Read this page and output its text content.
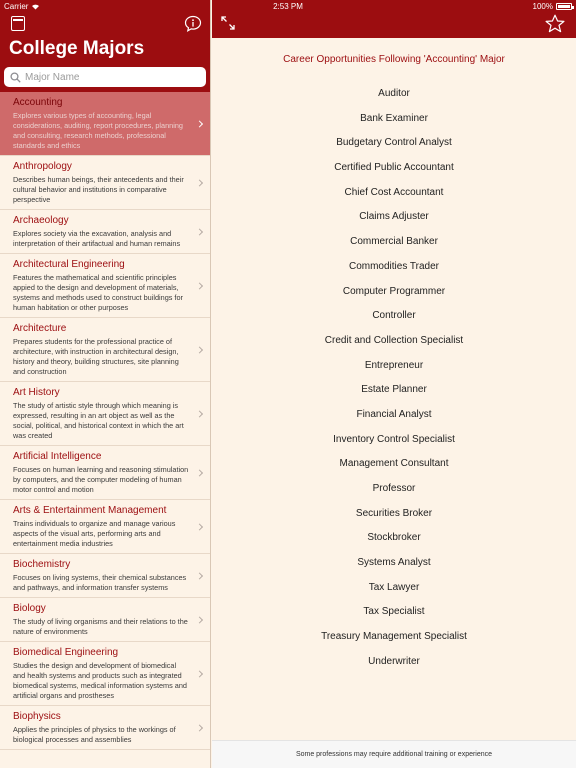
Carrier	2:53 PM	100%
College Majors
Major Name
Accounting
Explores various types of accounting, legal considerations, auditing, report procedures, planning and consulting, research methods, professional standards and ethics
Anthropology
Describes human beings, their antecedents and their cultural behavior and institutions in comparative perspective
Archaeology
Explores society via the excavation, analysis and interpretation of their artifactual and human remains
Architectural Engineering
Features the mathematical and scientific principles appied to the design and development of materials, systems and methods used to construct buildings for human habitation or other purposes
Architecture
Prepares students for the professional practice of architecture, with instruction in architectural design, history and theory, building structures, site planning and construction
Art History
The study of artistic style through which meaning is expressed, resulting in an art object as well as the social, political, and historical context in which the art was created
Artificial Intelligence
Focuses on human learning and reasoning stimulation by computers, and the computer modeling of human motor control and motion
Arts & Entertainment Management
Trains individuals to organize and manage various aspects of the visual arts, performing arts and entertainment media industries
Biochemistry
Focuses on living systems, their chemical substances and pathways, and information transfer systems
Biology
The study of living organisms and their relations to the nature of environments
Biomedical Engineering
Studies the design and development of biomedical and health systems and products such as integrated biomedical systems, medical information systems and artificial organs and prostheses
Biophysics
Applies the principles of physics to the workings of biological processes and assemblies
Career Opportunities Following 'Accounting' Major
Auditor
Bank Examiner
Budgetary Control Analyst
Certified Public Accountant
Chief Cost Accountant
Claims Adjuster
Commercial Banker
Commodities Trader
Computer Programmer
Controller
Credit and Collection Specialist
Entrepreneur
Estate Planner
Financial Analyst
Inventory Control Specialist
Management Consultant
Professor
Securities Broker
Stockbroker
Systems Analyst
Tax Lawyer
Tax Specialist
Treasury Management Specialist
Underwriter
Some professions may require additional training or experience
